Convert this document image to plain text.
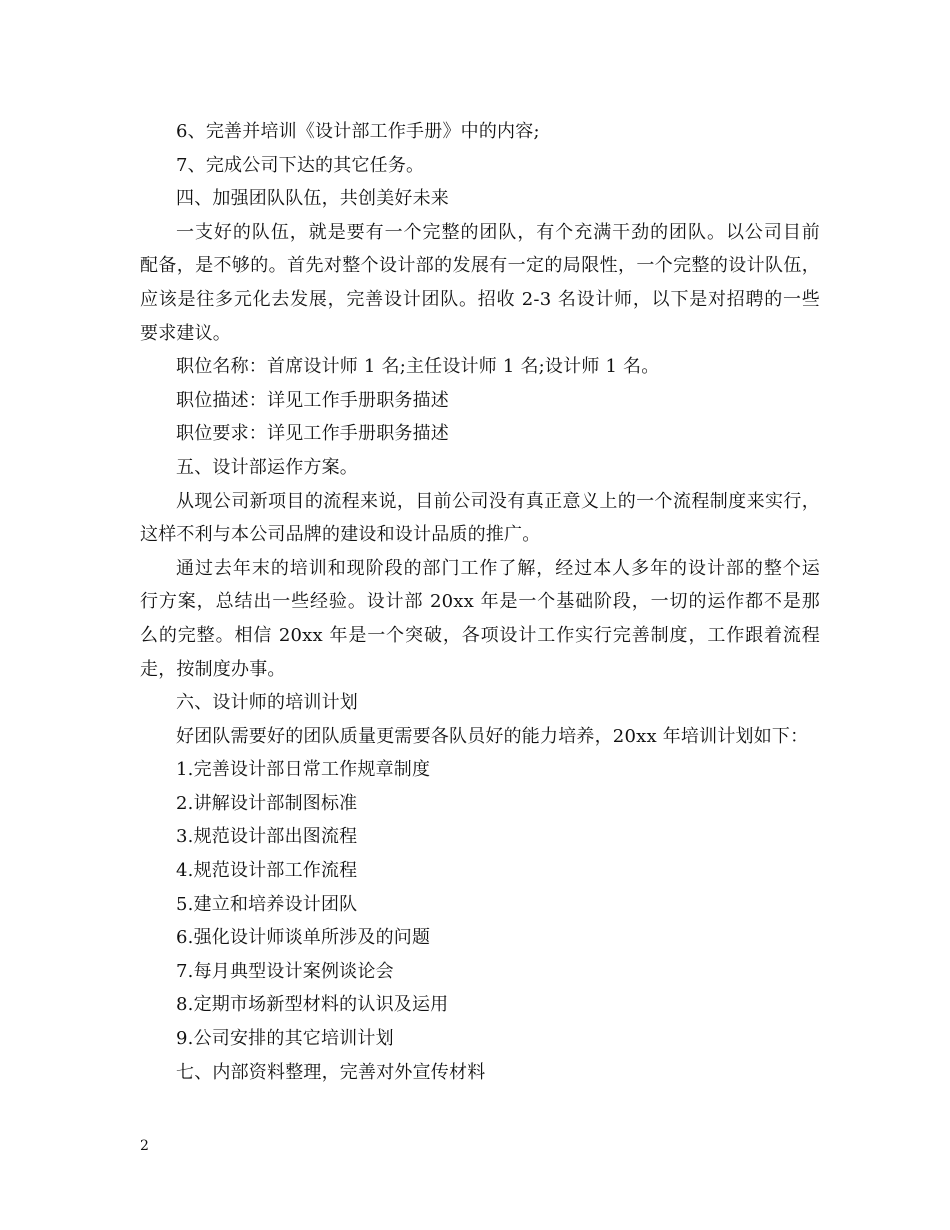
6、完善并培训《设计部工作手册》中的内容;
7、完成公司下达的其它任务。
四、加强团队队伍，共创美好未来
一支好的队伍，就是要有一个完整的团队，有个充满干劲的团队。以公司目前
配备，是不够的。首先对整个设计部的发展有一定的局限性，一个完整的设计队伍，
应该是往多元化去发展，完善设计团队。招收 2-3 名设计师，以下是对招聘的一些
要求建议。
职位名称：首席设计师 1 名;主任设计师 1 名;设计师 1 名。
职位描述：详见工作手册职务描述
职位要求：详见工作手册职务描述
五、设计部运作方案。
从现公司新项目的流程来说，目前公司没有真正意义上的一个流程制度来实行，
这样不利与本公司品牌的建设和设计品质的推广。
通过去年末的培训和现阶段的部门工作了解，经过本人多年的设计部的整个运
行方案，总结出一些经验。设计部 20xx 年是一个基础阶段，一切的运作都不是那
么的完整。相信 20xx 年是一个突破，各项设计工作实行完善制度，工作跟着流程
走，按制度办事。
六、设计师的培训计划
好团队需要好的团队质量更需要各队员好的能力培养，20xx 年培训计划如下：
1.完善设计部日常工作规章制度
2.讲解设计部制图标准
3.规范设计部出图流程
4.规范设计部工作流程
5.建立和培养设计团队
6.强化设计师谈单所涉及的问题
7.每月典型设计案例谈论会
8.定期市场新型材料的认识及运用
9.公司安排的其它培训计划
七、内部资料整理，完善对外宣传材料
2
